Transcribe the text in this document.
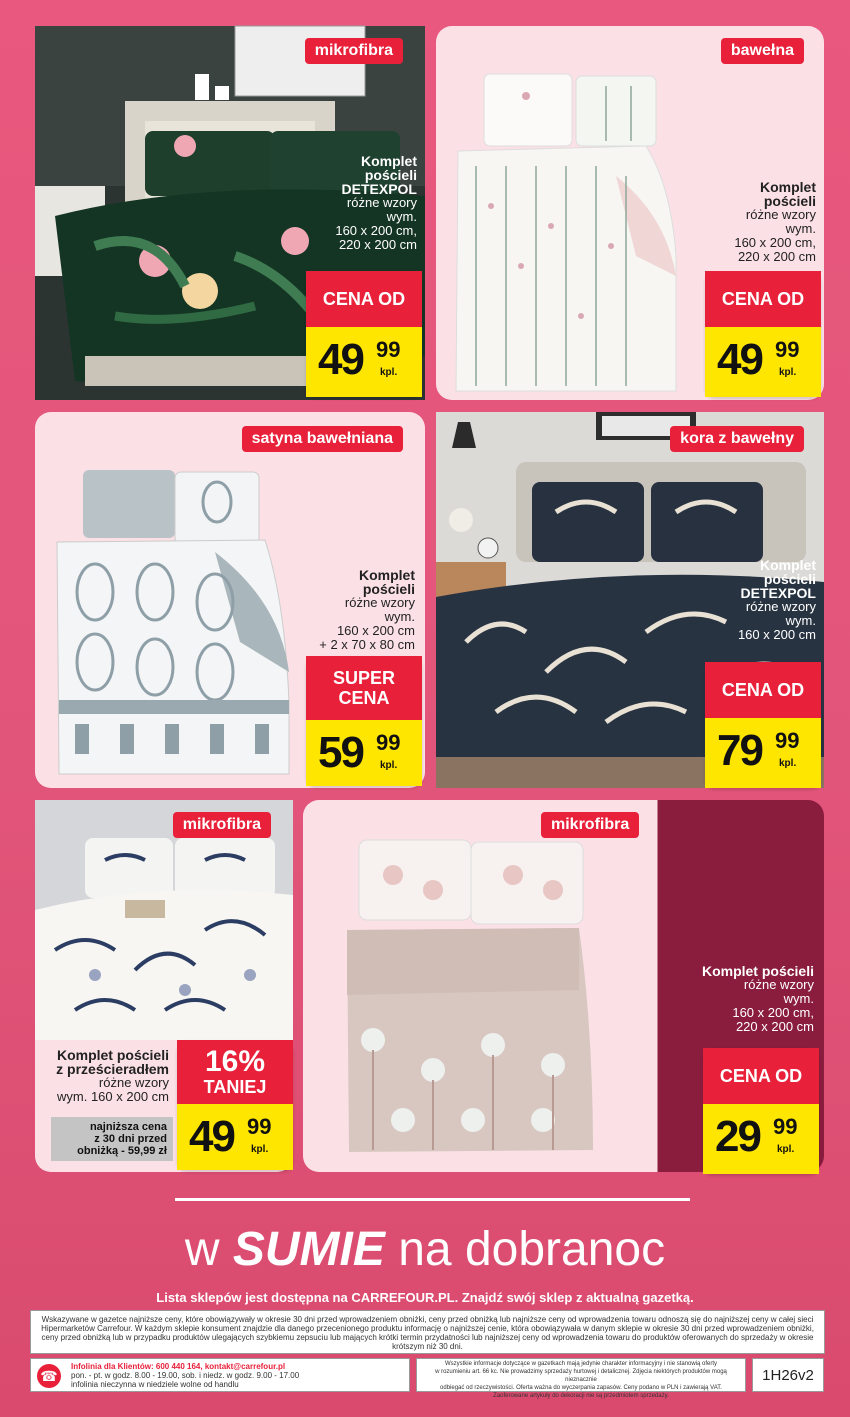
mikrofibra
Komplet
pościeli
DETEXPOL
różne wzory
wym.
160 x 200 cm,
220 x 200 cm
CENA OD
49 99
kpl.
bawełna
Komplet
pościeli
różne wzory
wym.
160 x 200 cm,
220 x 200 cm
CENA OD
49 99
kpl.
satyna bawełniana
Komplet
pościeli
różne wzory
wym.
160 x 200 cm
+ 2 x 70 x 80 cm
SUPER
CENA
59 99
kpl.
kora z bawełny
Komplet
pościeli
DETEXPOL
różne wzory
wym.
160 x 200 cm
CENA OD
79 99
kpl.
mikrofibra
Komplet pościeli
z prześcieradłem
różne wzory
wym. 160 x 200 cm
najniższa cena
z 30 dni przed
obniżką - 59,99 zł
16%
TANIEJ
49 99
kpl.
mikrofibra
Komplet pościeli
różne wzory
wym.
160 x 200 cm,
220 x 200 cm
CENA OD
29 99
kpl.
w SUMIE na dobranoc
Lista sklepów jest dostępna na CARREFOUR.PL. Znajdź swój sklep z aktualną gazetką.
Wskazywane w gazetce najniższe ceny, które obowiązywały w okresie 30 dni przed wprowadzeniem obniżki, ceny przed obniżką lub najniższe ceny od wprowadzenia towaru odnoszą się do najniższej ceny w całej sieci Hipermarketów Carrefour. W każdym sklepie konsument znajdzie dla danego przecenionego produktu informację o najniższej cenie, która obowiązywała w danym sklepie w okresie 30 dni przed wprowadzeniem obniżki, ceny przed obniżką lub w przypadku produktów ulegających szybkiemu zepsuciu lub mających krótki termin przydatności lub najniższej ceny od wprowadzenia towaru do produktów oferowanych do sprzedaży w okresie krótszym niż 30 dni.
☎
Infolinia dla Klientów: 600 440 164, kontakt@carrefour.pl
pon. - pt. w godz. 8.00 - 19.00, sob. i niedz. w godz. 9.00 - 17.00
infolinia nieczynna w niedziele wolne od handlu
Wszystkie informacje dotyczące w gazetkach mają jedynie charakter informacyjny i nie stanowią oferty
w rozumieniu art. 66 kc. Nie prowadzimy sprzedaży hurtowej i detalicznej. Zdjęcia niektórych produktów mogą nieznacznie
odbiegać od rzeczywistości. Oferta ważna do wyczerpania zapasów. Ceny podano w PLN i zawierają VAT.
Zaoferowane artykuły do dekoracji nie są przedmiotem sprzedaży.
1H26v2
